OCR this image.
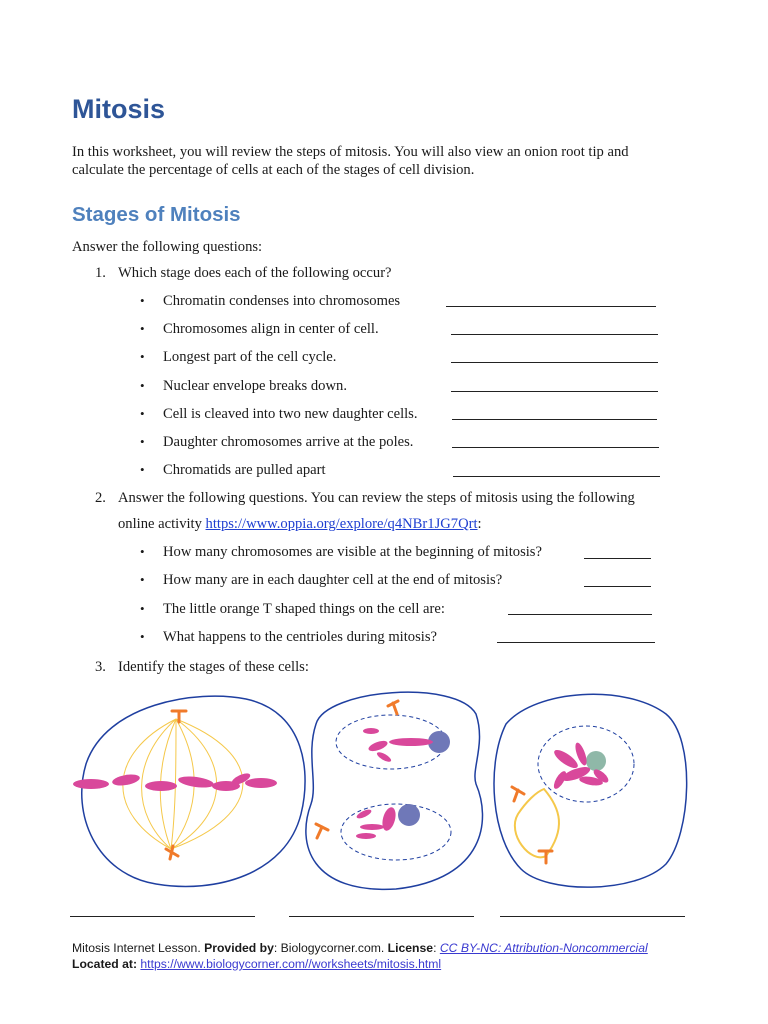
Mitosis

In this worksheet, you will review the steps of mitosis. You will also view an onion root tip and
calculate the percentage of cells at each of the stages of cell division.

Stages of Mitosis
Answer the following questions:
1. Which stage does each of the following occur?
• Chromatin condenses into chromosomes
• Chromosomes align in center of cell.
• Longest part of the cell cycle.
• Nuclear envelope breaks down.
• Cell is cleaved into two new daughter cells.
• Daughter chromosomes arrive at the poles.
• Chromatids are pulled apart
2. Answer the following questions. You can review the steps of mitosis using the following
online activity https://www.oppia.org/explore/q4NBr1JG7Qrt:
• How many chromosomes are visible at the beginning of mitosis?
• How many are in each daughter cell at the end of mitosis?
• The little orange T shaped things on the cell are:
• What happens to the centrioles during mitosis?
3. Identify the stages of these cells:
Mitosis Internet Lesson. Provided by: Biologycorner.com. License: CC BY-NC: Attribution-Noncommercial
Located at: https://www.biologycorner.com//worksheets/mitosis.html
